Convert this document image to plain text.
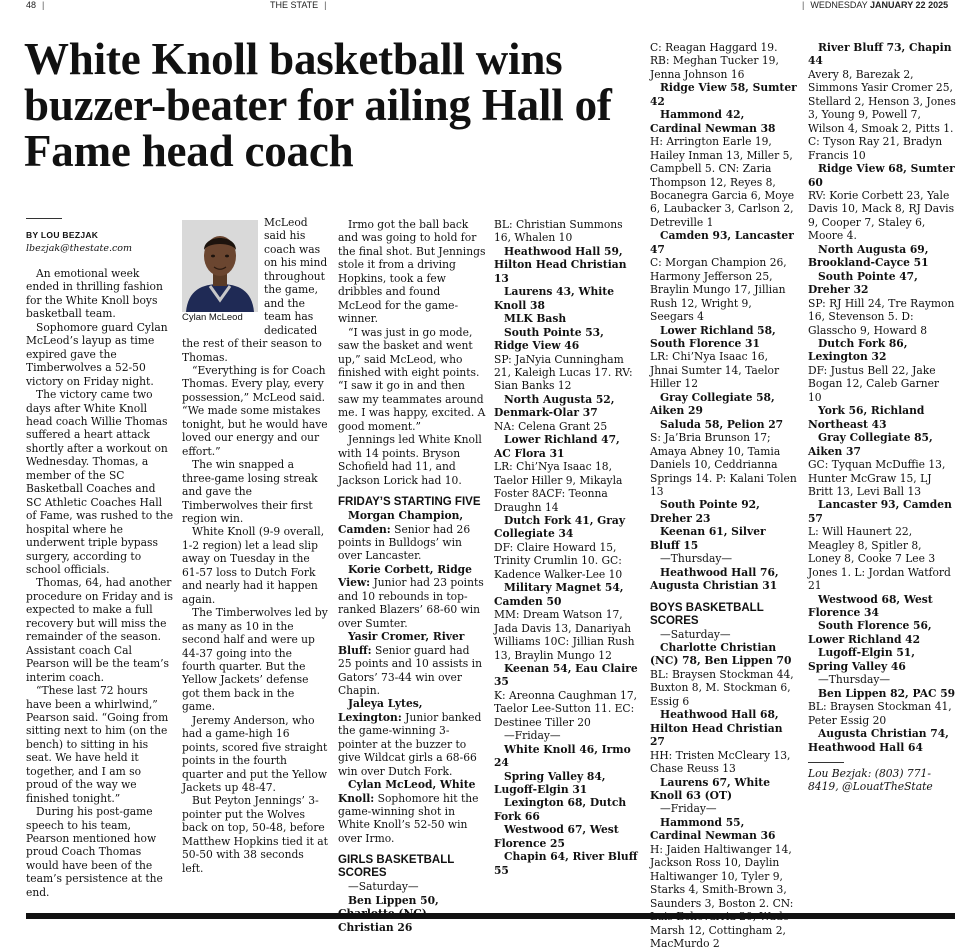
48 |	THE STATE |	| WEDNESDAY JANUARY 22 2025
White Knoll basketball wins buzzer-beater for ailing Hall of Fame head coach
BY LOU BEZJAK
lbezjak@thestate.com

An emotional week ended in thrilling fashion for the White Knoll boys basketball team.

Sophomore guard Cylan McLeod’s layup as time expired gave the Timberwolves a 52-50 victory on Friday night.

The victory came two days after White Knoll head coach Willie Thomas suffered a heart attack shortly after a workout on Wednesday. Thomas, a member of the SC Basketball Coaches and SC Athletic Coaches Hall of Fame, was rushed to the hospital where he underwent triple bypass surgery, according to school officials.

Thomas, 64, had another procedure on Friday and is expected to make a full recovery but will miss the remainder of the season. Assistant coach Cal Pearson will be the team’s interim coach.

“These last 72 hours have been a whirlwind,” Pearson said. “Going from sitting next to him (on the bench) to sitting in his seat. We have held it together, and I am so proud of the way we finished tonight.”

During his post-game speech to his team, Pearson mentioned how proud Coach Thomas would have been of the team’s persistence at the end.

Cylan McLeod

McLeod said his coach was on his mind throughout the game, and the team has dedicated the rest of their season to Thomas.

“Everything is for Coach Thomas. Every play, every possession,” McLeod said. “We made some mistakes tonight, but he would have loved our energy and our effort.”

The win snapped a three-game losing streak and gave the Timberwolves their first region win.

White Knoll (9-9 overall, 1-2 region) let a lead slip away on Tuesday in the 61-57 loss to Dutch Fork and nearly had it happen again.

The Timberwolves led by as many as 10 in the second half and were up 44-37 going into the fourth quarter. But the Yellow Jackets’ defense got them back in the game.

Jeremy Anderson, who had a game-high 16 points, scored five straight points in the fourth quarter and put the Yellow Jackets up 48-47.

But Peyton Jennings’ 3-pointer put the Wolves back on top, 50-48, before Matthew Hopkins tied it at 50-50 with 38 seconds left.

Irmo got the ball back and was going to hold for the final shot. But Jennings stole it from a driving Hopkins, took a few dribbles and found McLeod for the game-winner.

“I was just in go mode, saw the basket and went up,” said McLeod, who finished with eight points. “I saw it go in and then saw my teammates around me. I was happy, excited. A good moment.”

Jennings led White Knoll with 14 points. Bryson Schofield had 11, and Jackson Lorick had 10.

FRIDAY’S STARTING FIVE

Morgan Champion, Camden: Senior had 26 points in Bulldogs’ win over Lancaster.

Korie Corbett, Ridge View: Junior had 23 points and 10 rebounds in top-ranked Blazers’ 68-60 win over Sumter.

Yasir Cromer, River Bluff: Senior guard had 25 points and 10 assists in Gators’ 73-44 win over Chapin.

Jaleya Lytes, Lexington: Junior banked the game-winning 3-pointer at the buzzer to give Wildcat girls a 68-66 win over Dutch Fork.

Cylan McLeod, White Knoll: Sophomore hit the game-winning shot in White Knoll’s 52-50 win over Irmo.

GIRLS BASKETBALL SCORES

—Saturday—

Ben Lippen 50, Christian 26

BL: Christian Summons 16, Whalen 10

Heathwood Hall 59, Hilton Head Christian 13

Laurens 43, White Knoll 38

MLK Bash

South Pointe 53, Ridge View 46

SP: JaNyia Cunningham 21, Kaleigh Lucas 17. RV: Sian Banks 12

North Augusta 52, Denmark-Olar 37

NA: Celena Grant 25

Lower Richland 47, AC Flora 31

LR: Chi’Nya Isaac 18, Taelor Hiller 9, Mikayla Foster 8ACF: Teonna Draughn 14

Dutch Fork 41, Gray Collegiate 34

DF: Claire Howard 15, Trinity Crumlin 10. GC: Kadence Walker-Lee 10

Military Magnet 54, Camden 50

MM: Dream Watson 17, Jada Davis 13, Danariyah Williams 10C: Jillian Rush 13, Braylin Mungo 12

Keenan 54, Eau Claire 35

K: Areonna Caughman 17, Taelor Lee-Sutton 11. EC: Destinee Tiller 20

—Friday—

White Knoll 46, Irmo 24

Spring Valley 84, Lugoff-Elgin 31

Lexington 68, Dutch Fork 66

Westwood 67, West Florence 25

Chapin 64, River Bluff 55

C: Reagan Haggard 19. RB: Meghan Tucker 19, Jenna Johnson 16

Ridge View 58, Sumter 42

Hammond 42, Cardinal Newman 38

H: Arrington Earle 19, Hailey Inman 13, Miller 5, Campbell 5. CN: Zaria Thompson 12, Reyes 8, Bocanegra Garcia 6, Moye 6, Laubacker 3, Carlson 2, Detreville 1

Camden 93, Lancaster 47

C: Morgan Champion 26, Harmony Jefferson 25, Braylin Mungo 17, Jillian Rush 12, Wright 9, Seegars 4

Lower Richland 58, South Florence 31

LR: Chi’Nya Isaac 16, Jhnai Sumter 14, Taelor Hiller 12

Gray Collegiate 58, Aiken 29

Saluda 58, Pelion 27

S: Ja’Bria Brunson 17; Amaya Abney 10, Tamia Daniels 10, Ceddrianna Springs 14. P: Kalani Tolen 13

South Pointe 92, Dreher 23

Keenan 61, Silver Bluff 15

—Thursday—

Heathwood Hall 76, Augusta Christian 31

BOYS BASKETBALL SCORES

—Saturday—

Charlotte Christian (NC) 78, Ben Lippen 70

BL: Braysen Stockman 44, Buxton 8, M. Stockman 6, Essig 6

Heathwood Hall 68, Hilton Head Christian 27

HH: Tristen McCleary 13, Chase Reuss 13

Laurens 67, White Knoll 63 (OT)

—Friday—

Hammond 55, Cardinal Newman 36

H: Jaiden Haltiwanger 14, Jackson Ross 10, Daylin Haltiwanger 10, Tyler 9, Starks 4, Smith-Brown 3, Saunders 3, Boston 2. CN: Marsh 12, Cottingham 2, MacMurdo 2

River Bluff 73, Chapin 44

Avery 8, Barezak 2, Simmons Yasir Cromer 25, Stellard 2, Henson 3, Jones 3, Young 9, Powell 7, Wilson 4, Smoak 2, Pitts 1. C: Tyson Ray 21, Bradyn Francis 10

Ridge View 68, Sumter 60

RV: Korie Corbett 23, Yale Davis 10, Mack 8, RJ Davis 9, Cooper 7, Staley 6, Moore 4.

North Augusta 69, Brookland-Cayce 51

South Pointe 47, Dreher 32

SP: RJ Hill 24, Tre Raymon 16, Stevenson 5. D: Glasscho 9, Howard 8

Dutch Fork 86, Lexington 32

DF: Justus Bell 22, Jake Bogan 12, Caleb Garner 10

York 56, Richland Northeast 43

Gray Collegiate 85, Aiken 37

GC: Tyquan McDuffie 13, Hunter McGraw 15, LJ Britt 13, Levi Ball 13

Lancaster 93, Camden 57

L: Will Haunert 22, Meagley 8, Spitler 8, Loney 8, Cooke 7 Lee 3 Jones 1. L: Jordan Watford 21

Westwood 68, West Florence 34

South Florence 56, Lower Richland 42

Lugoff-Elgin 51, Spring Valley 46

—Thursday—

Ben Lippen 82, PAC 59

BL: Braysen Stockman 41, Peter Essig 20

Augusta Christian 74, Heathwood Hall 64

Lou Bezjak: (803) 771-8419, @LouatTheState
